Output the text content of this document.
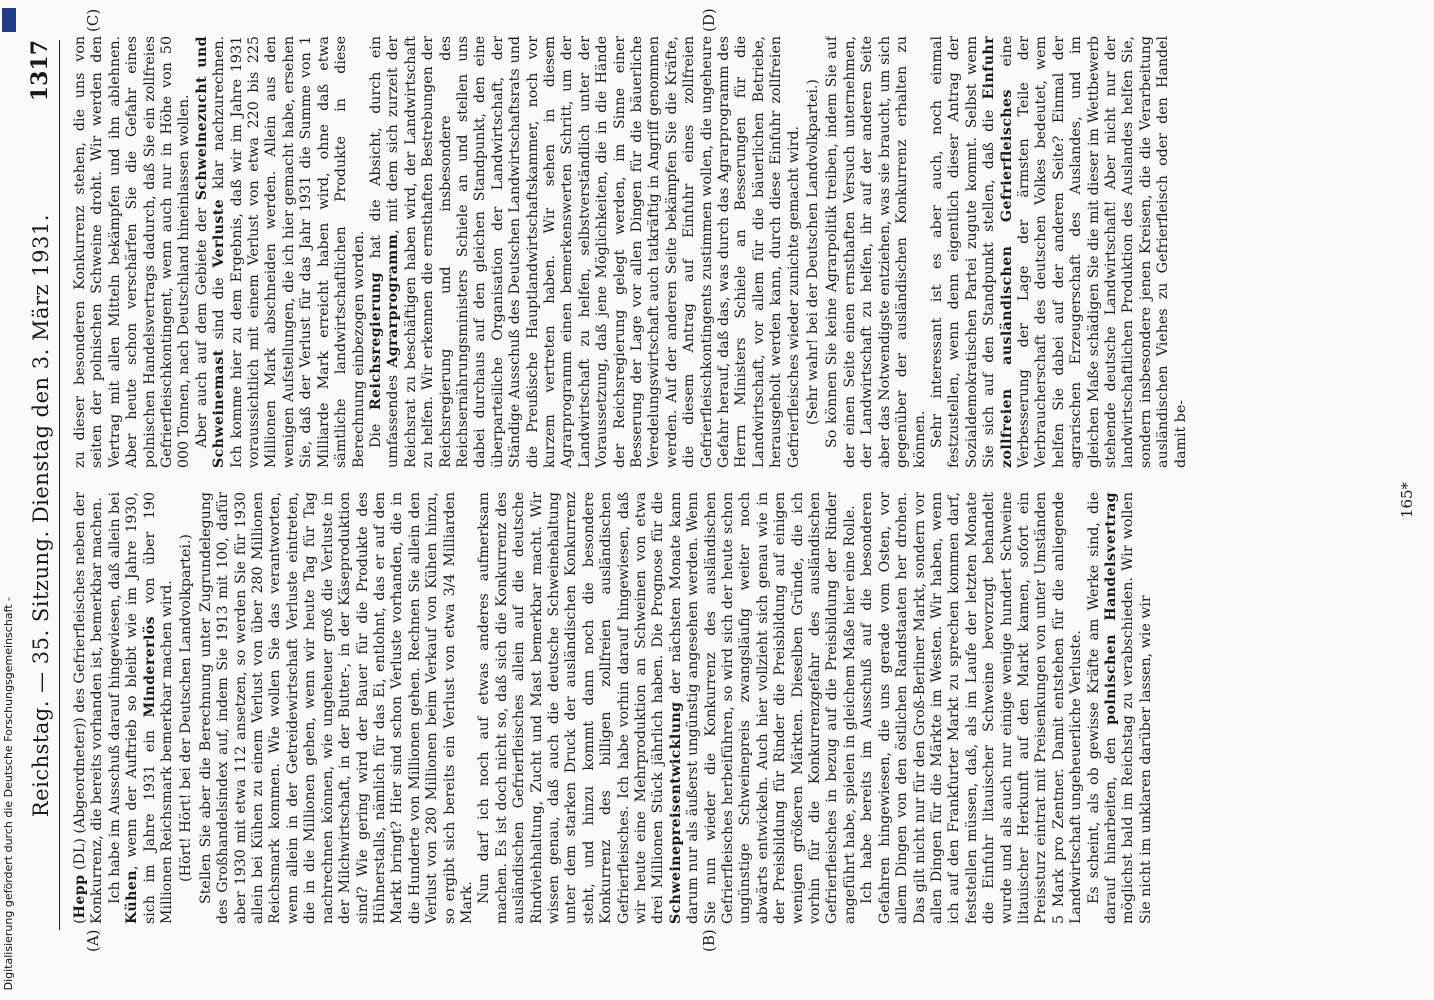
Reichstag. — 35. Sitzung. Dienstag den 3. März 1931.
1317
(A)	(B)
(C)	(D)

(Hepp (DL) (Abgeordneter)) des Gefrierfleisches neben der Konkurrenz, die bereits vorhanden ist, bemerkbar machen. Ich habe im Ausschuß darauf hingewiesen, daß allein bei Kühen, wenn der Auftrieb so bleibt wie im Jahre 1930, sich im Jahre 1931 ein Mindererlös von über 190 Millionen Reichsmark bemerkbar machen wird. (Hört! Hört! bei der Deutschen Landvolkpartei.) Stellen Sie aber die Berechnung unter Zugrundelegung des Großhandelsindex auf, indem Sie 1913 mit 100, dafür aber 1930 mit etwa 112 ansetzen, so werden Sie für 1930 allein bei Kühen zu einem Verlust von über 280 Millionen Reichsmark kommen. Wie wollen Sie das verantworten, wenn allein in der Getreidewirtschaft Verluste eintreten, die in die Millionen gehen, wenn wir heute Tag für Tag nachrechnen können, wie ungeheuer groß die Verluste in der Milchwirtschaft, in der Butter-, in der Käseproduktion sind? Wie gering wird der Bauer für die Produkte des Hühnerstalls, nämlich für das Ei, entlohnt, das er auf den Markt bringt? Hier sind schon Verluste vorhanden, die in die Hunderte von Millionen gehen. Rechnen Sie allein den Verlust von 280 Millionen beim Verkauf von Kühen hinzu, so ergibt sich bereits ein Verlust von etwa 3/4 Milliarden Mark. Nun darf ich noch auf etwas anderes aufmerksam machen. Es ist doch nicht so, daß sich die Konkurrenz des ausländischen Gefrierfleisches allein auf die deutsche Rindviehhaltung, Zucht und Mast bemerkbar macht. Wir wissen genau, daß auch die deutsche Schweinehaltung unter dem starken Druck der ausländischen Konkurrenz steht, und hinzu kommt dann noch die besondere Konkurrenz des billigen zollfreien ausländischen Gefrierfleisches. Ich habe vorhin darauf hingewiesen, daß wir heute eine Mehrproduktion an Schweinen von etwa drei Millionen Stück jährlich haben. Die Prognose für die Schweinepreisentwicklung der nächsten Monate kann darum nur als äußerst ungünstig angesehen werden. Wenn Sie nun wieder die Konkurrenz des ausländischen Gefrierfleisches herbeiführen, so wird sich der heute schon ungünstige Schweinepreis zwangsläufig weiter noch abwärts entwickeln. Auch hier vollzieht sich genau wie in der Preisbildung für Rinder die Preisbildung auf einigen wenigen größeren Märkten. Dieselben Gründe, die ich vorhin für die Konkurrenzgefahr des ausländischen Gefrierfleisches in bezug auf die Preisbildung der Rinder angeführt habe, spielen in gleichem Maße hier eine Rolle. Ich habe bereits im Ausschuß auf die besonderen Gefahren hingewiesen, die uns gerade vom Osten, vor allem Dingen von den östlichen Randstaaten her drohen. Das gilt nicht nur für den Groß-Berliner Markt, sondern vor allen Dingen für die Märkte im Westen. Wir haben, wenn ich auf den Frankfurter Markt zu sprechen kommen darf, feststellen müssen, daß, als im Laufe der letzten Monate die Einfuhr litauischer Schweine bevorzugt behandelt wurde und als auch nur einige wenige hundert Schweine litauischer Herkunft auf den Markt kamen, sofort ein Preissturz eintrat mit Preisenkungen von unter Umständen 5 Mark pro Zentner. Damit entstehen für die anliegende Landwirtschaft ungeheuerliche Verluste. Es scheint, als ob gewisse Kräfte am Werke sind, die darauf hinarbeiten, den polnischen Handelsvertrag möglichst bald im Reichstag zu verabschieden. Wir wollen Sie nicht im unklaren darüber lassen, wie wir

zu dieser besonderen Konkurrenz stehen, die uns von seiten der polnischen Schweine droht. Wir werden den Vertrag mit allen Mitteln bekämpfen und ihn ablehnen. Aber heute schon verschärfen Sie die Gefahr eines polnischen Handelsvertrags dadurch, daß Sie ein zollfreies Gefrierfleischkontingent, wenn auch nur in Höhe von 50 000 Tonnen, nach Deutschland hineinlassen wollen. Aber auch auf dem Gebiete der Schweinezucht und Schweinemast sind die Verluste klar nachzurechnen. Ich komme hier zu dem Ergebnis, daß wir im Jahre 1931 voraussichtlich mit einem Verlust von etwa 220 bis 225 Millionen Mark abschneiden werden. Allein aus den wenigen Aufstellungen, die ich hier gemacht habe, ersehen Sie, daß der Verlust für das Jahr 1931 die Summe von 1 Milliarde Mark erreicht haben wird, ohne daß etwa sämtliche landwirtschaftlichen Produkte in diese Berechnung einbezogen worden. Die Reichsregierung hat die Absicht, durch ein umfassendes Agrarprogramm, mit dem sich zurzeit der Reichsrat zu beschäftigen haben wird, der Landwirtschaft zu helfen. Wir erkennen die ernsthaften Bestrebungen der Reichsregierung und insbesondere des Reichsernährungsministers Schiele an und stellen uns dabei durchaus auf den gleichen Standpunkt, den eine überparteiliche Organisation der Landwirtschaft, der Ständige Ausschuß des Deutschen Landwirtschaftsrats und die Preußische Hauptlandwirtschaftskammer, noch vor kurzem vertreten haben. Wir sehen in diesem Agrarprogramm einen bemerkenswerten Schritt, um der Landwirtschaft zu helfen, selbstverständlich unter der Voraussetzung, daß jene Möglichkeiten, die in die Hände der Reichsregierung gelegt werden, im Sinne einer Besserung der Lage vor allen Dingen für die bäuerliche Veredelungswirtschaft auch tatkräftig in Angriff genommen werden. Auf der anderen Seite bekämpfen Sie die Kräfte, die diesem Antrag auf Einfuhr eines zollfreien Gefrierfleischkontingents zustimmen wollen, die ungeheure Gefahr herauf, daß das, was durch das Agrarprogramm des Herrn Ministers Schiele an Besserungen für die Landwirtschaft, vor allem für die bäuerlichen Betriebe, herausgeholt werden kann, durch diese Einfuhr zollfreien Gefrierfleisches wieder zunichte gemacht wird. (Sehr wahr! bei der Deutschen Landvolkpartei.) So können Sie keine Agrarpolitik treiben, indem Sie auf der einen Seite einen ernsthaften Versuch unternehmen, der Landwirtschaft zu helfen, ihr auf der anderen Seite aber das Notwendigste entziehen, was sie braucht, um sich gegenüber der ausländischen Konkurrenz erhalten zu können. Sehr interessant ist es aber auch, noch einmal festzustellen, wenn denn eigentlich dieser Antrag der Sozialdemokratischen Partei zugute kommt. Selbst wenn Sie sich auf den Standpunkt stellen, daß die Einfuhr zollfreien ausländischen Gefrierfleisches eine Verbesserung der Lage der ärmsten Teile der Verbraucherschaft des deutschen Volkes bedeutet, wem helfen Sie dabei auf der anderen Seite? Einmal der agrarischen Erzeugerschaft des Auslandes, und im gleichen Maße schädigen Sie die mit dieser im Wettbewerb stehende deutsche Landwirtschaft! Aber nicht nur der landwirtschaftlichen Produktion des Auslandes helfen Sie, sondern insbesondere jenen Kreisen, die die Verarbeitung ausländischen Viehes zu Gefrierfleisch oder den Handel damit be-

165*
Digitalisierung gefördert durch die Deutsche Forschungsgemeinschaft -
